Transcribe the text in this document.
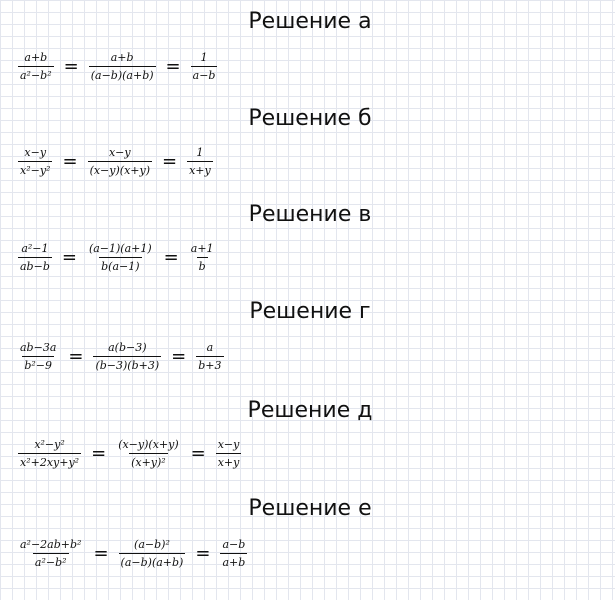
Решение а
$\frac{a+b}{\text{a²−b²}} = \frac{a+b}{(a-b)(a+b)} = \frac{1}{a-b}$
Решение б
$\frac{x-y}{\text{x²−y²}} = \frac{x-y}{(x-y)(x+y)} = \frac{1}{x+y}$
Решение в
$\frac{\text{a²−1}}{ab-b} = \frac{(a-1)(a+1)}{b(a-1)} = \frac{a+1}{b}$
Решение г
$\frac{ab-3a}{\text{b²−9}} = \frac{a(b-3)}{(b-3)(b+3)} = \frac{a}{b+3}$
Решение д
$\frac{\text{x²−y²}}{\text{x²+2xy+y²}} = \frac{(x-y)(x+y)}{\text{(x+y)²}} = \frac{x-y}{x+y}$
Решение е
$\frac{\text{a²−2ab+b²}}{\text{a²−b²}} = \frac{\text{(a−b)²}}{(a-b)(a+b)} = \frac{a-b}{a+b}$
